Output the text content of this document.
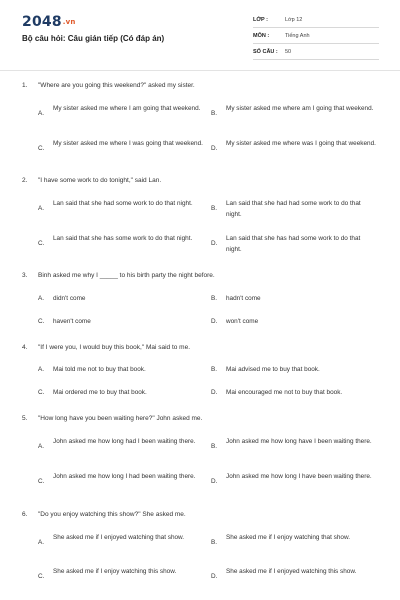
2048.vn
Bộ câu hỏi: Câu gián tiếp (Có đáp án)
LỚP :	Lớp 12
MÔN :	Tiếng Anh
SỐ CÂU : 50
1. "Where are you going this weekend?" asked my sister.
A.
My sister asked me where I am going that weekend.
B.
My sister asked me where am I going that weekend.
C.
My sister asked me where I was going that weekend.
D.
My sister asked me where was I going that weekend.
2. "I have some work to do tonight," said Lan.
A.
Lan said that she had some work to do that night.
B.
Lan said that she had had some work to do that night.
C.
Lan said that she has some work to do that night.
D.
Lan said that she has had some work to do that night.
3. Binh asked me why I _____ to his birth party the night before.
A.	didn't come	B.	hadn't come
C.	haven't come	D.	won't come
4. "If I were you, I would buy this book," Mai said to me.
A.	Mai told me not to buy that book.	B.	Mai advised me to buy that book.
C.	Mai ordered me to buy that book.	D.	Mai encouraged me not to buy that book.
5. "How long have you been waiting here?" John asked me.
A.
John asked me how long had I been waiting there.
B.
John asked me how long have I been waiting there.
C.
John asked me how long I had been waiting there.
D.
John asked me how long I have been waiting there.
6. "Do you enjoy watching this show?" She asked me.
A.
She asked me if I enjoyed watching that show.
B.
She asked me if I enjoy watching that show.
C.
She asked me if I enjoy watching this show.
D.
She asked me if I enjoyed watching this show.
